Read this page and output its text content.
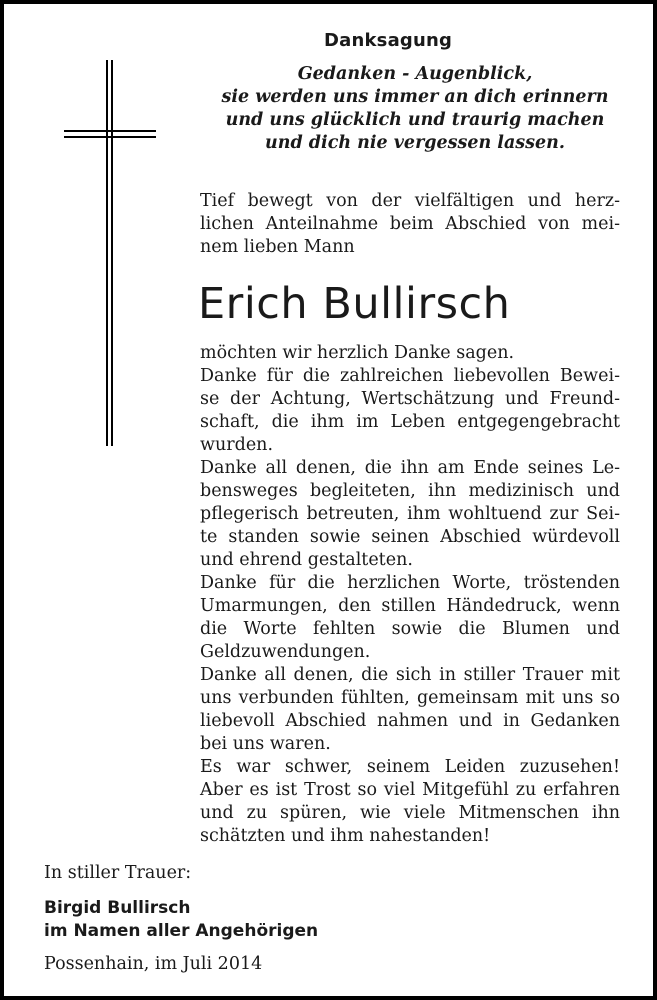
Danksagung
Gedanken - Augenblick,
sie werden uns immer an dich erinnern
und uns glücklich und traurig machen
und dich nie vergessen lassen.
Tief bewegt von der vielfältigen und herz-
lichen Anteilnahme beim Abschied von mei-
nem lieben Mann
Erich Bullirsch
möchten wir herzlich Danke sagen.
Danke für die zahlreichen liebevollen Bewei-
se der Achtung, Wertschätzung und Freund-
schaft, die ihm im Leben entgegengebracht
wurden.
Danke all denen, die ihn am Ende seines Le-
bensweges begleiteten, ihn medizinisch und
pflegerisch betreuten, ihm wohltuend zur Sei-
te standen sowie seinen Abschied würdevoll
und ehrend gestalteten.
Danke für die herzlichen Worte, tröstenden
Umarmungen, den stillen Händedruck, wenn
die Worte fehlten sowie die Blumen und
Geldzuwendungen.
Danke all denen, die sich in stiller Trauer mit
uns verbunden fühlten, gemeinsam mit uns so
liebevoll Abschied nahmen und in Gedanken
bei uns waren.
Es war schwer, seinem Leiden zuzusehen!
Aber es ist Trost so viel Mitgefühl zu erfahren
und zu spüren, wie viele Mitmenschen ihn
schätzten und ihm nahestanden!
In stiller Trauer:
Birgid Bullirsch
im Namen aller Angehörigen
Possenhain, im Juli 2014
